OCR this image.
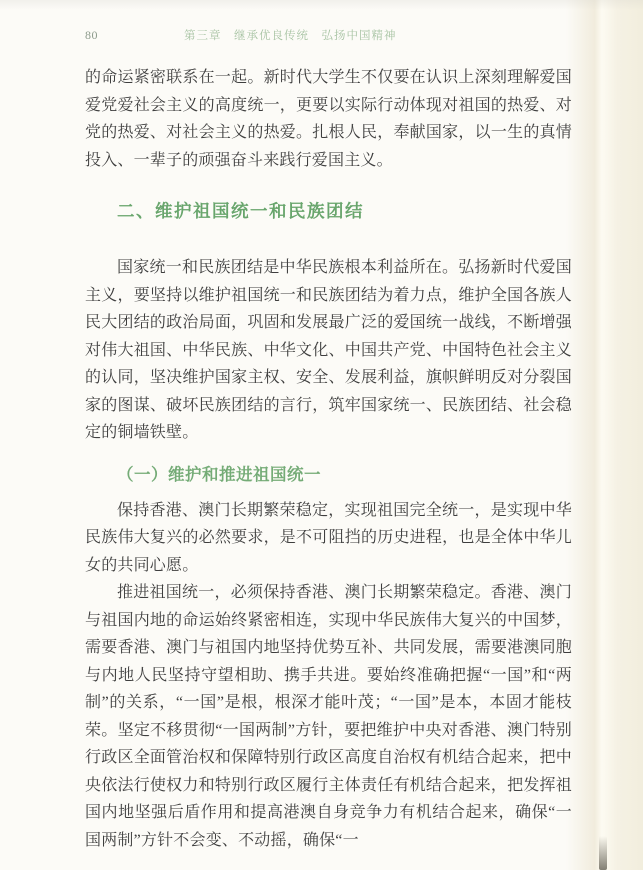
80	第三章　继承优良传统　弘扬中国精神

的命运紧密联系在一起。新时代大学生不仅要在认识上深刻理解爱国爱党爱社会主义的高度统一，更要以实际行动体现对祖国的热爱、对党的热爱、对社会主义的热爱。扎根人民，奉献国家，以一生的真情投入、一辈子的顽强奋斗来践行爱国主义。

二、维护祖国统一和民族团结

国家统一和民族团结是中华民族根本利益所在。弘扬新时代爱国主义，要坚持以维护祖国统一和民族团结为着力点，维护全国各族人民大团结的政治局面，巩固和发展最广泛的爱国统一战线，不断增强对伟大祖国、中华民族、中华文化、中国共产党、中国特色社会主义的认同，坚决维护国家主权、安全、发展利益，旗帜鲜明反对分裂国家的图谋、破坏民族团结的言行，筑牢国家统一、民族团结、社会稳定的铜墙铁壁。

（一）维护和推进祖国统一

保持香港、澳门长期繁荣稳定，实现祖国完全统一，是实现中华民族伟大复兴的必然要求，是不可阻挡的历史进程，也是全体中华儿女的共同心愿。

推进祖国统一，必须保持香港、澳门长期繁荣稳定。香港、澳门与祖国内地的命运始终紧密相连，实现中华民族伟大复兴的中国梦，需要香港、澳门与祖国内地坚持优势互补、共同发展，需要港澳同胞与内地人民坚持守望相助、携手共进。要始终准确把握“一国”和“两制”的关系，“一国”是根，根深才能叶茂；“一国”是本，本固才能枝荣。坚定不移贯彻“一国两制”方针，要把维护中央对香港、澳门特别行政区全面管治权和保障特别行政区高度自治权有机结合起来，把中央依法行使权力和特别行政区履行主体责任有机结合起来，把发挥祖国内地坚强后盾作用和提高港澳自身竞争力有机结合起来，确保“一国两制”方针不会变、不动摇，确保“一
